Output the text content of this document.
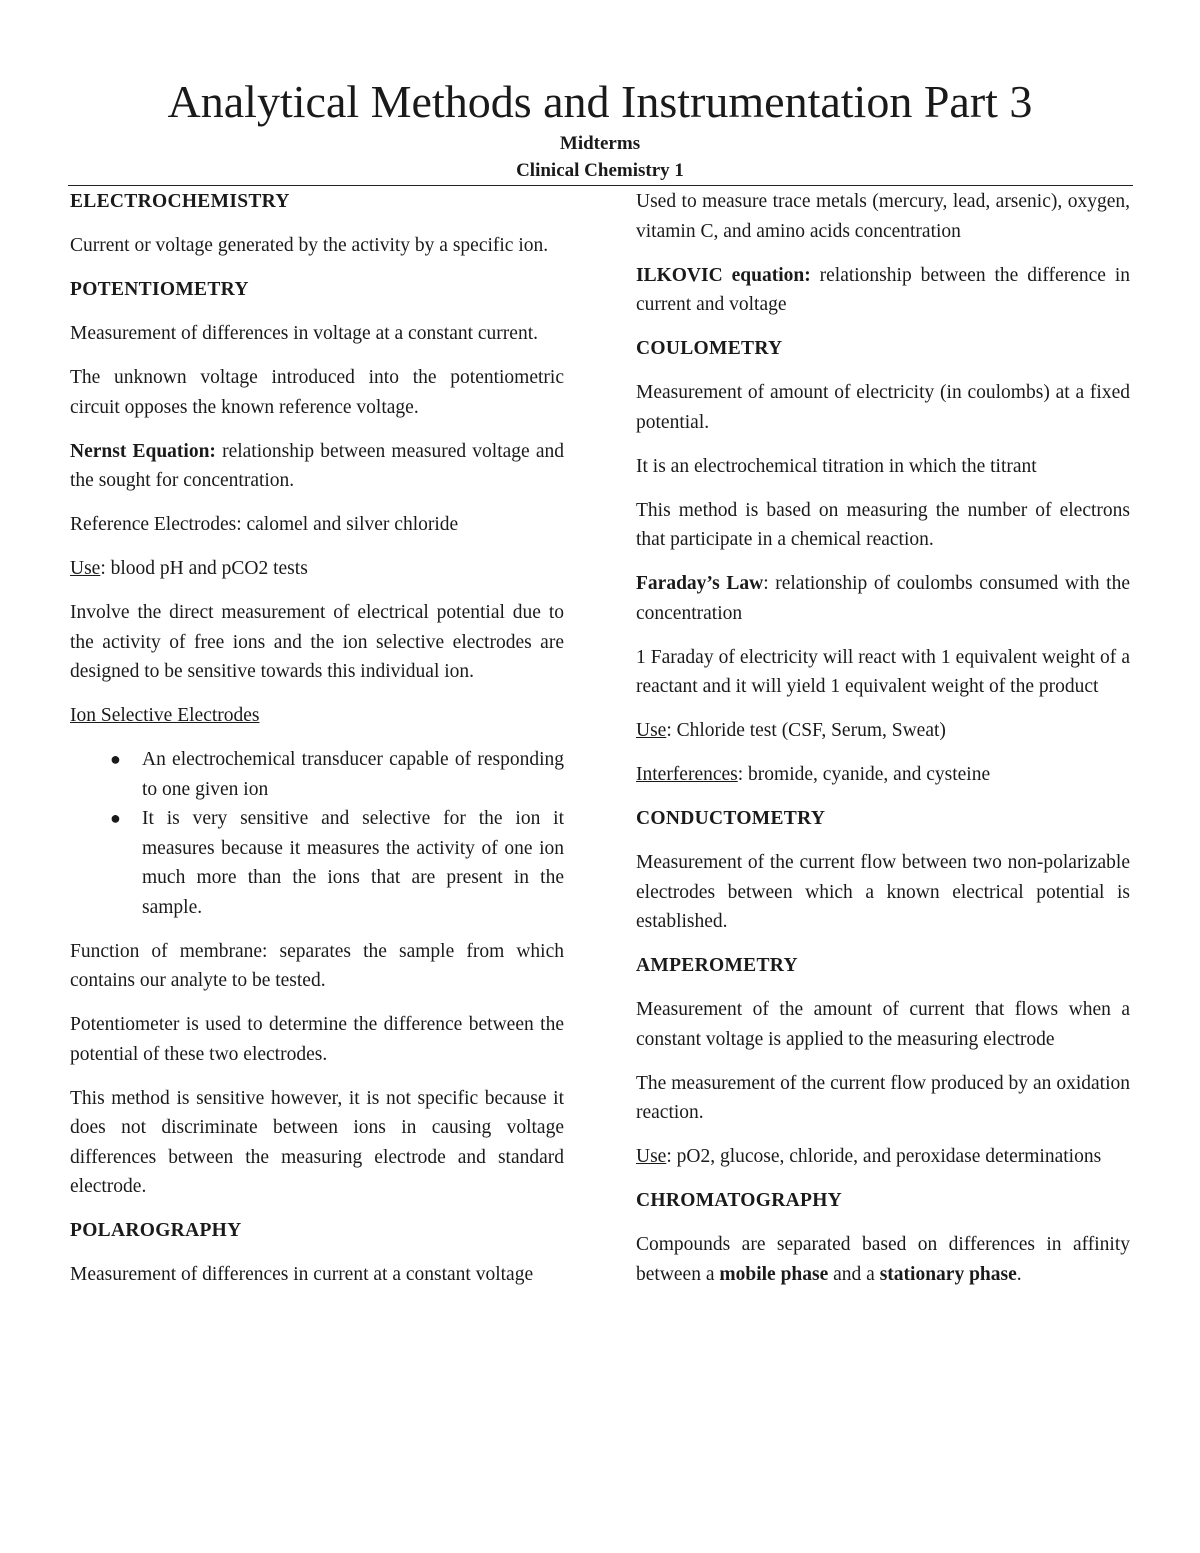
Analytical Methods and Instrumentation Part 3
Midterms
Clinical Chemistry 1
ELECTROCHEMISTRY

Current or voltage generated by the activity by a specific ion.

POTENTIOMETRY

Measurement of differences in voltage at a constant current.

The unknown voltage introduced into the potentiometric circuit opposes the known reference voltage.

Nernst Equation: relationship between measured voltage and the sought for concentration.

Reference Electrodes: calomel and silver chloride

Use: blood pH and pCO2 tests

Involve the direct measurement of electrical potential due to the activity of free ions and the ion selective electrodes are designed to be sensitive towards this individual ion.

Ion Selective Electrodes

● An electrochemical transducer capable of responding to one given ion
● It is very sensitive and selective for the ion it measures because it measures the activity of one ion much more than the ions that are present in the sample.

Function of membrane: separates the sample from which contains our analyte to be tested.

Potentiometer is used to determine the difference between the potential of these two electrodes.

This method is sensitive however, it is not specific because it does not discriminate between ions in causing voltage differences between the measuring electrode and standard electrode.

POLAROGRAPHY

Measurement of differences in current at a constant voltage

Used to measure trace metals (mercury, lead, arsenic), oxygen, vitamin C, and amino acids concentration

ILKOVIC equation: relationship between the difference in current and voltage

COULOMETRY

Measurement of amount of electricity (in coulombs) at a fixed potential.

It is an electrochemical titration in which the titrant

This method is based on measuring the number of electrons that participate in a chemical reaction.

Faraday’s Law: relationship of coulombs consumed with the concentration

1 Faraday of electricity will react with 1 equivalent weight of a reactant and it will yield 1 equivalent weight of the product

Use: Chloride test (CSF, Serum, Sweat)

Interferences: bromide, cyanide, and cysteine

CONDUCTOMETRY

Measurement of the current flow between two non-polarizable electrodes between which a known electrical potential is established.

AMPEROMETRY

Measurement of the amount of current that flows when a constant voltage is applied to the measuring electrode

The measurement of the current flow produced by an oxidation reaction.

Use: pO2, glucose, chloride, and peroxidase determinations

CHROMATOGRAPHY

Compounds are separated based on differences in affinity between a mobile phase and a stationary phase.
